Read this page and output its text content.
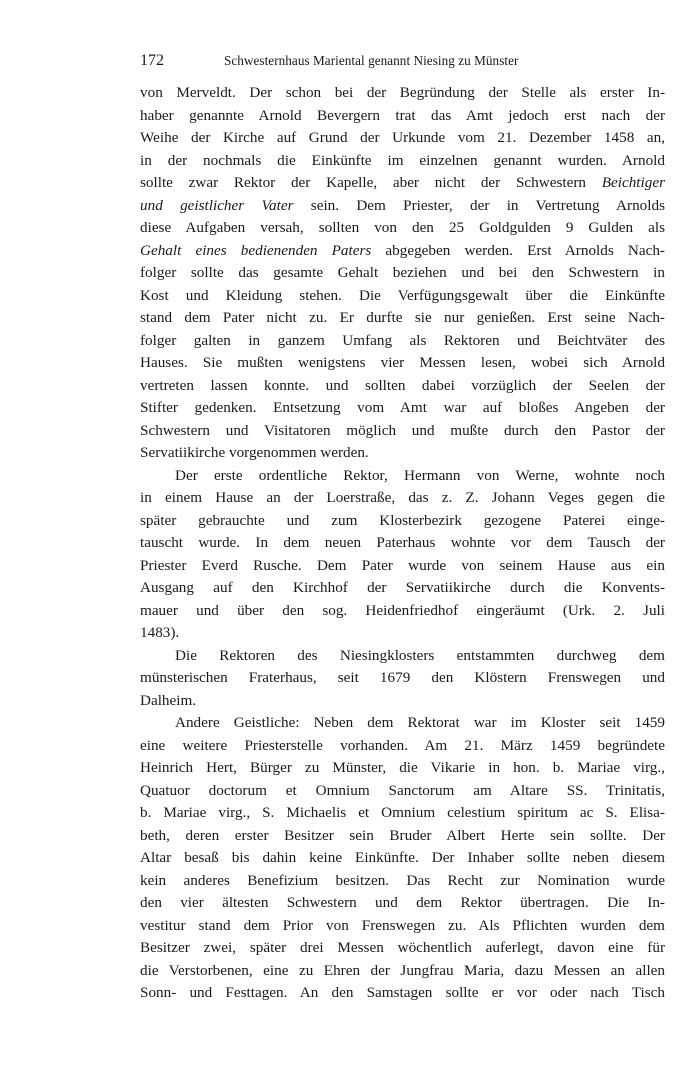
172	Schwesternhaus Mariental genannt Niesing zu Münster
von Merveldt. Der schon bei der Begründung der Stelle als erster In-
haber genannte Arnold Bevergern trat das Amt jedoch erst nach der
Weihe der Kirche auf Grund der Urkunde vom 21. Dezember 1458 an,
in der nochmals die Einkünfte im einzelnen genannt wurden. Arnold
sollte zwar Rektor der Kapelle, aber nicht der Schwestern Beichtiger
und geistlicher Vater sein. Dem Priester, der in Vertretung Arnolds
diese Aufgaben versah, sollten von den 25 Goldgulden 9 Gulden als
Gehalt eines bedienenden Paters abgegeben werden. Erst Arnolds Nach-
folger sollte das gesamte Gehalt beziehen und bei den Schwestern in
Kost und Kleidung stehen. Die Verfügungsgewalt über die Einkünfte
stand dem Pater nicht zu. Er durfte sie nur genießen. Erst seine Nach-
folger galten in ganzem Umfang als Rektoren und Beichtväter des
Hauses. Sie mußten wenigstens vier Messen lesen, wobei sich Arnold
vertreten lassen konnte. und sollten dabei vorzüglich der Seelen der
Stifter gedenken. Entsetzung vom Amt war auf bloßes Angeben der
Schwestern und Visitatoren möglich und mußte durch den Pastor der
Servatiikirche vorgenommen werden.
Der erste ordentliche Rektor, Hermann von Werne, wohnte noch
in einem Hause an der Loerstraße, das z. Z. Johann Veges gegen die
später gebrauchte und zum Klosterbezirk gezogene Paterei einge-
tauscht wurde. In dem neuen Paterhaus wohnte vor dem Tausch der
Priester Everd Rusche. Dem Pater wurde von seinem Hause aus ein
Ausgang auf den Kirchhof der Servatiikirche durch die Konvents-
mauer und über den sog. Heidenfriedhof eingeräumt (Urk. 2. Juli
1483).
Die Rektoren des Niesingklosters entstammten durchweg dem
münsterischen Fraterhaus, seit 1679 den Klöstern Frenswegen und
Dalheim.
Andere Geistliche: Neben dem Rektorat war im Kloster seit 1459
eine weitere Priesterstelle vorhanden. Am 21. März 1459 begründete
Heinrich Hert, Bürger zu Münster, die Vikarie in hon. b. Mariae virg.,
Quatuor doctorum et Omnium Sanctorum am Altare SS. Trinitatis,
b. Mariae virg., S. Michaelis et Omnium celestium spiritum ac S. Elisa-
beth, deren erster Besitzer sein Bruder Albert Herte sein sollte. Der
Altar besaß bis dahin keine Einkünfte. Der Inhaber sollte neben diesem
kein anderes Benefizium besitzen. Das Recht zur Nomination wurde
den vier ältesten Schwestern und dem Rektor übertragen. Die In-
vestitur stand dem Prior von Frenswegen zu. Als Pflichten wurden dem
Besitzer zwei, später drei Messen wöchentlich auferlegt, davon eine für
die Verstorbenen, eine zu Ehren der Jungfrau Maria, dazu Messen an allen
Sonn- und Festtagen. An den Samstagen sollte er vor oder nach Tisch
